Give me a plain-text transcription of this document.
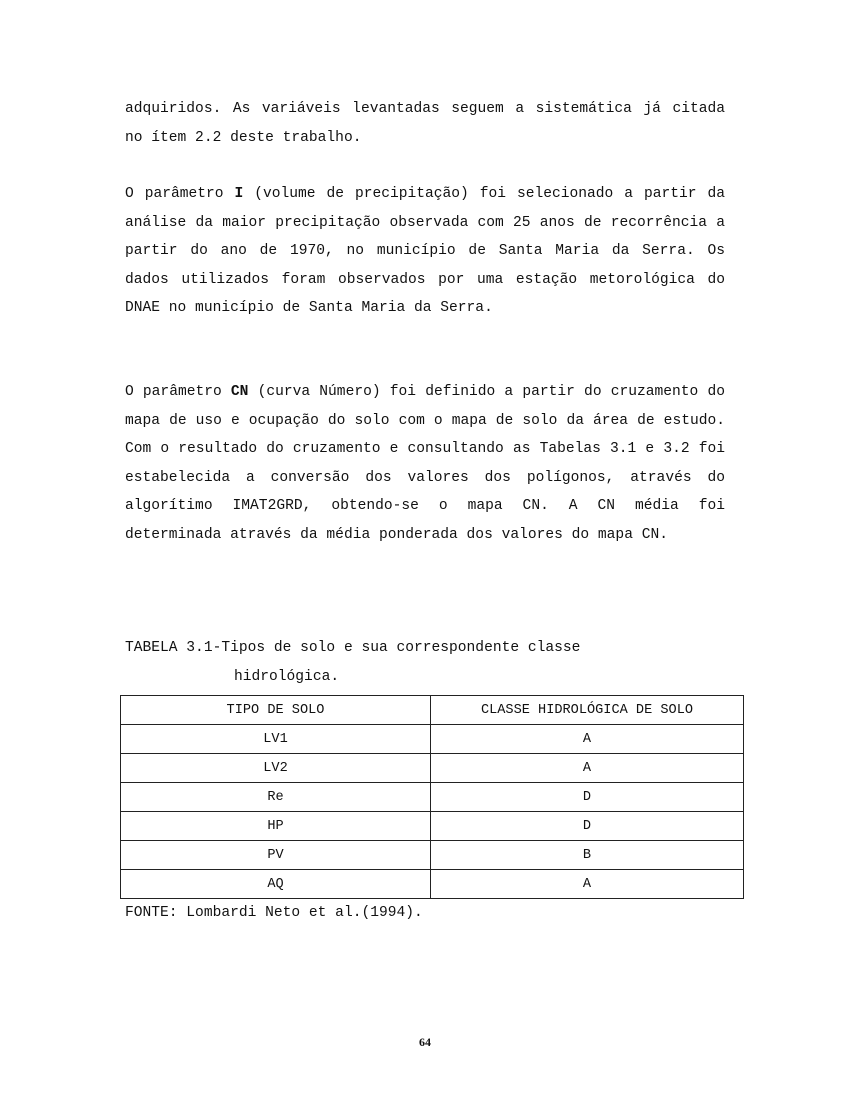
adquiridos. As variáveis levantadas seguem a sistemática já citada no ítem 2.2 deste trabalho.

O parâmetro I (volume de precipitação) foi selecionado a partir da análise da maior precipitação observada com 25 anos de recorrência a partir do ano de 1970, no município de Santa Maria da Serra. Os dados utilizados foram observados por uma estação metorológica do DNAE no município de Santa Maria da Serra.

O parâmetro CN (curva Número) foi definido a partir do cruzamento do mapa de uso e ocupação do solo com o mapa de solo da área de estudo. Com o resultado do cruzamento e consultando as Tabelas 3.1 e 3.2 foi estabelecida a conversão dos valores dos polígonos, através do algorítimo IMAT2GRD, obtendo-se o mapa CN. A CN média foi determinada através da média ponderada dos valores do mapa CN.

TABELA 3.1-Tipos de solo e sua correspondente classe
hidrológica.

TIPO DE SOLO	CLASSE HIDROLÓGICA DE SOLO
LV1	A
LV2	A
Re	D
HP	D
PV	B
AQ	A

FONTE: Lombardi Neto et al.(1994).

64
